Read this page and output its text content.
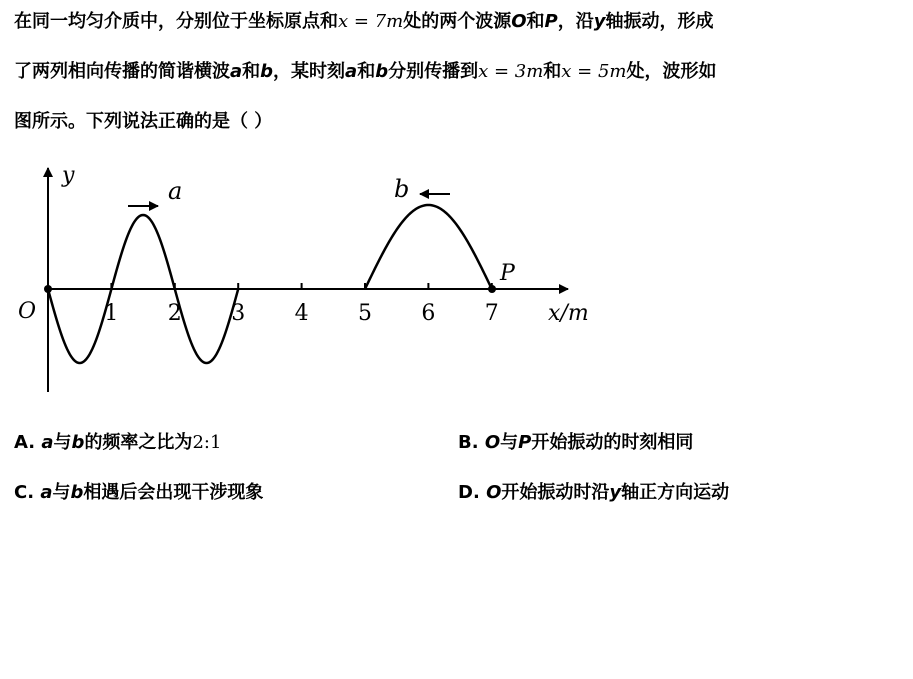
在同一均匀介质中，分别位于坐标原点和x = 7m处的两个波源O和P，沿y轴振动，形成
了两列相向传播的简谐横波a和b，某时刻a和b分别传播到x = 3m和x = 5m处，波形如
图所示。下列说法正确的是（ ）
y
x/m
O	1 2 3 4 5 6 7
a	b
P
A. a与b的频率之比为2:1	B. O与P开始振动的时刻相同
C. a与b相遇后会出现干涉现象	D. O开始振动时沿y轴正方向运动
